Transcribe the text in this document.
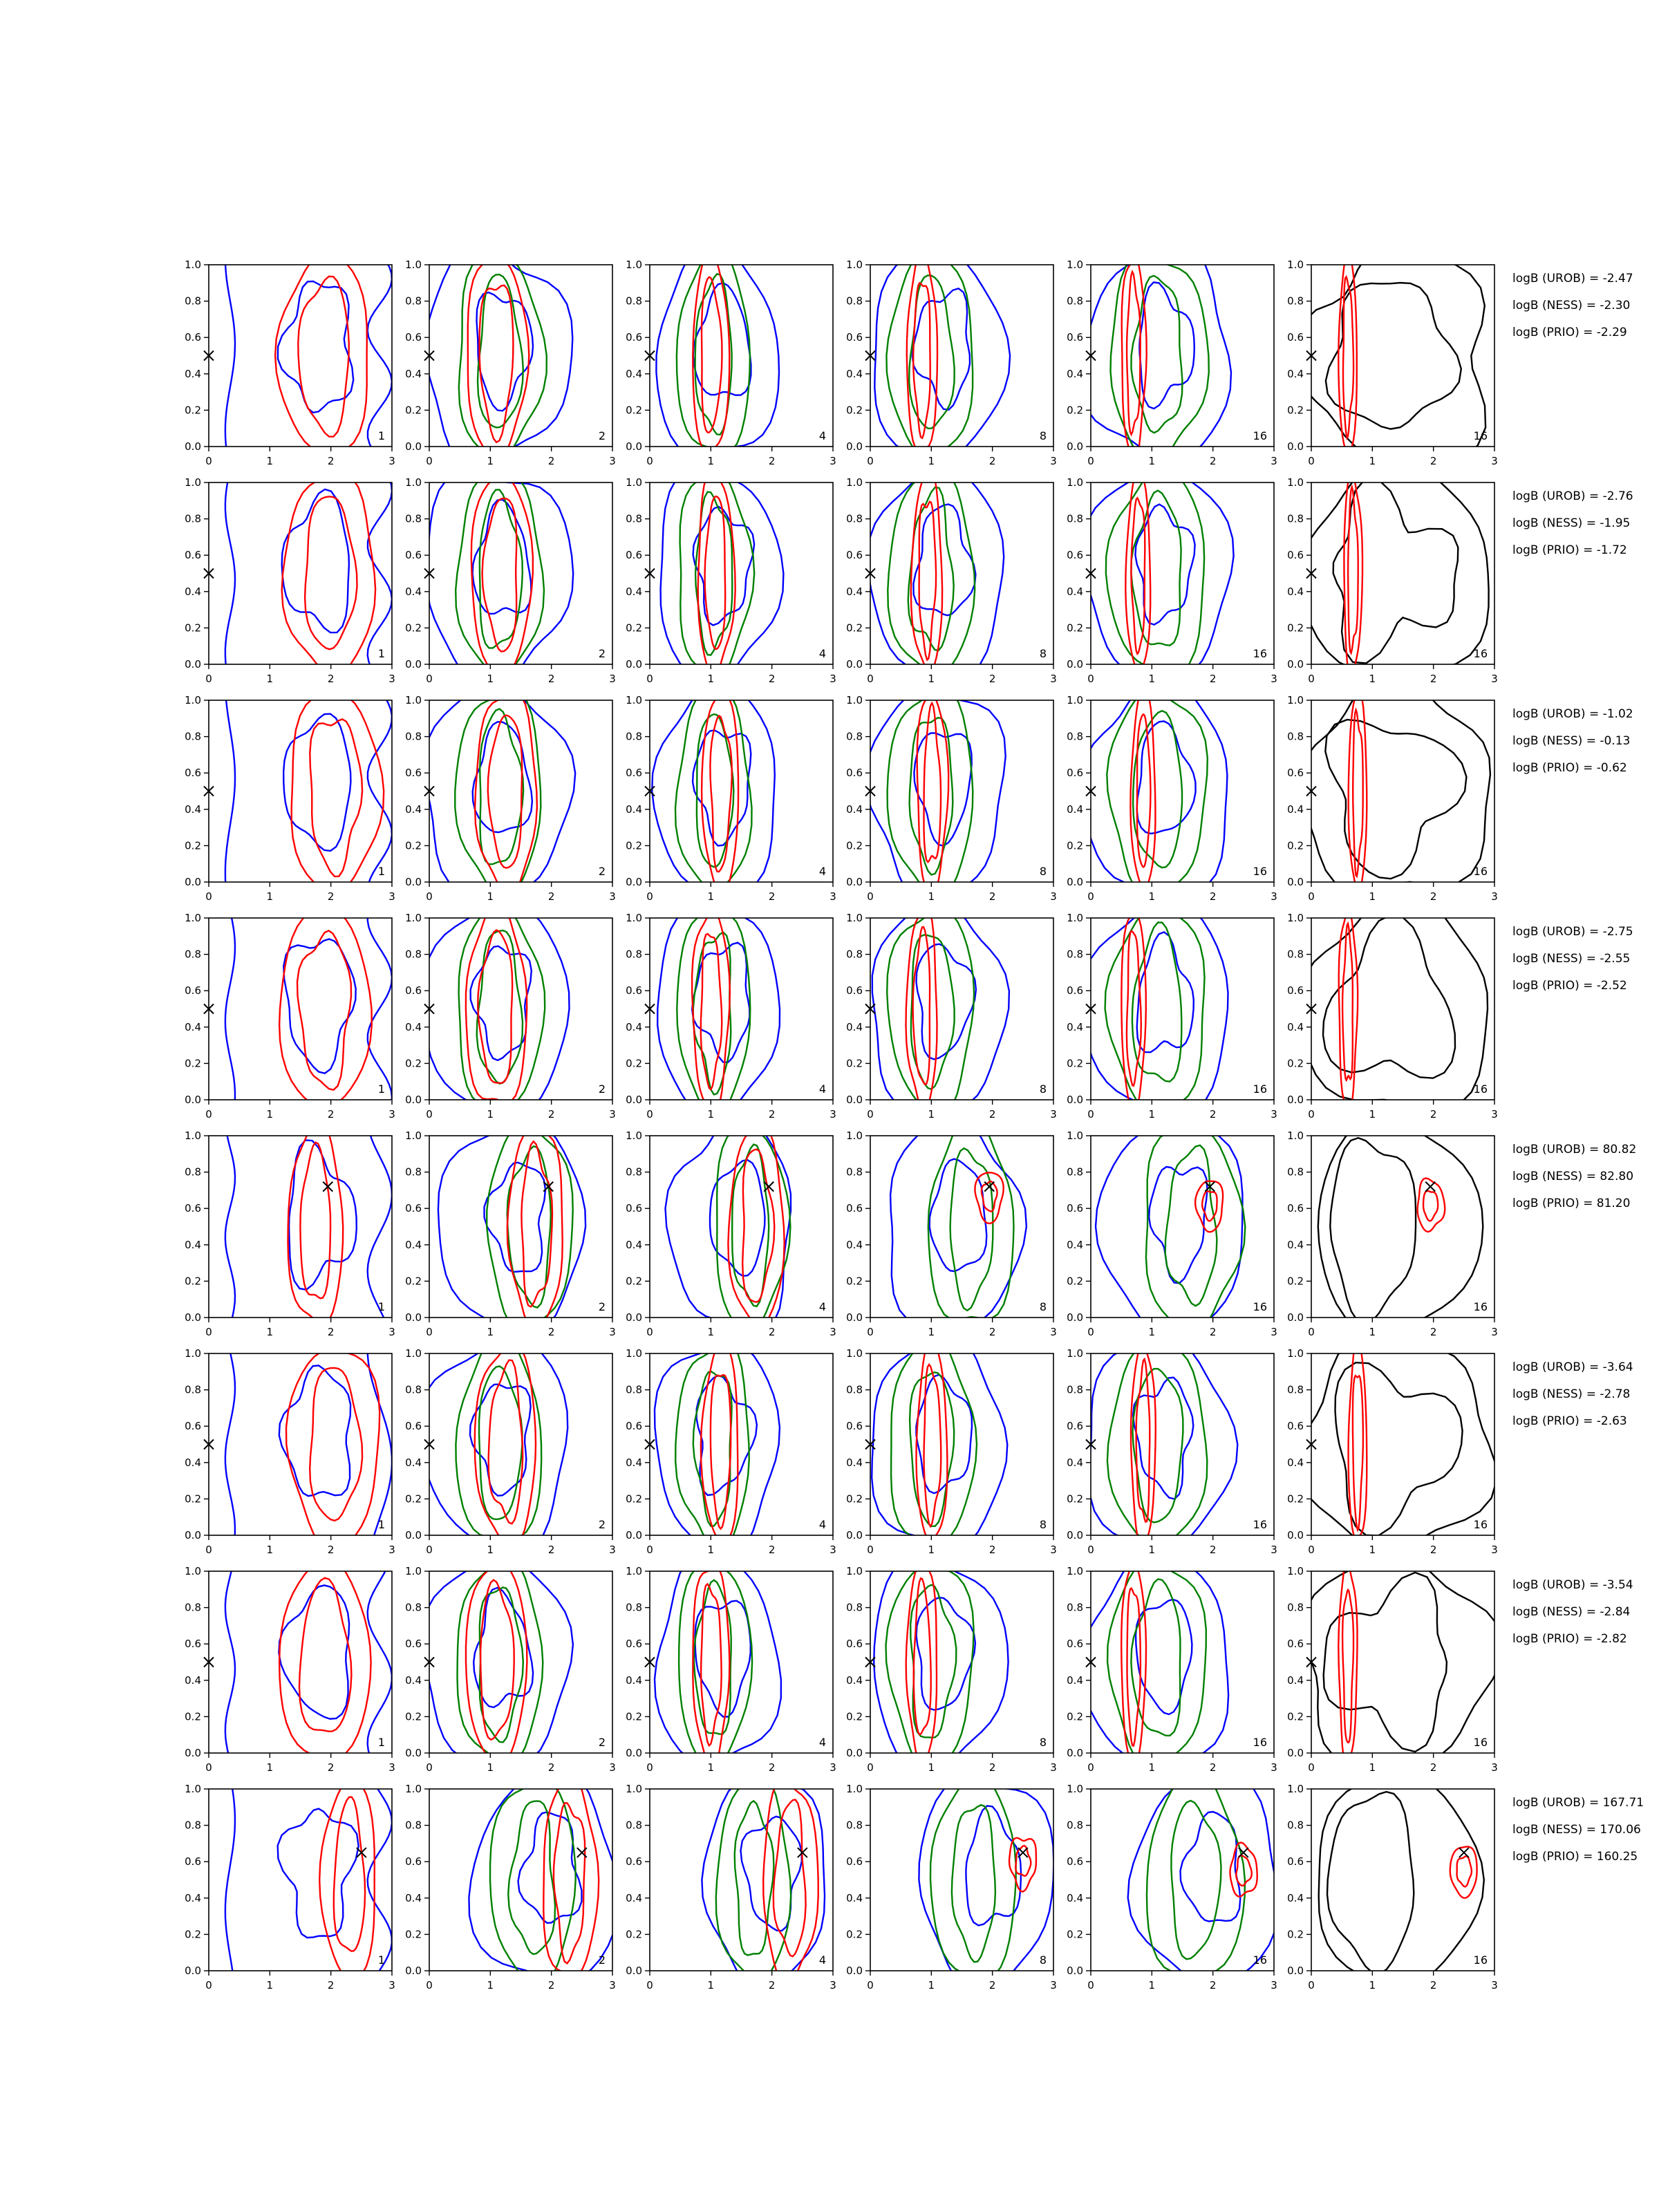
0	1	2	3
0.0
0.2
0.4
0.6
0.8
1.0
1
0	1	2	3
0.0
0.2
0.4
0.6
0.8
1.0
2
0	1	2	3
0.0
0.2
0.4
0.6
0.8
1.0
4
0	1	2	3
0.0
0.2
0.4
0.6
0.8
1.0
8
0	1	2	3
0.0
0.2
0.4
0.6
0.8
1.0
16
0	1	2	3
0.0
0.2
0.4
0.6
0.8
1.0
16
logB (UROB) = -2.47
logB (NESS) = -2.30
logB (PRIO) = -2.29
0	1	2	3
0.0
0.2
0.4
0.6
0.8
1.0
1
0	1	2	3
0.0
0.2
0.4
0.6
0.8
1.0
2
0	1	2	3
0.0
0.2
0.4
0.6
0.8
1.0
4
0	1	2	3
0.0
0.2
0.4
0.6
0.8
1.0
8
0	1	2	3
0.0
0.2
0.4
0.6
0.8
1.0
16
0	1	2	3
0.0
0.2
0.4
0.6
0.8
1.0
16
logB (UROB) = -2.76
logB (NESS) = -1.95
logB (PRIO) = -1.72
0	1	2	3
0.0
0.2
0.4
0.6
0.8
1.0
1
0	1	2	3
0.0
0.2
0.4
0.6
0.8
1.0
2
0	1	2	3
0.0
0.2
0.4
0.6
0.8
1.0
4
0	1	2	3
0.0
0.2
0.4
0.6
0.8
1.0
8
0	1	2	3
0.0
0.2
0.4
0.6
0.8
1.0
16
0	1	2	3
0.0
0.2
0.4
0.6
0.8
1.0
16
logB (UROB) = -1.02
logB (NESS) = -0.13
logB (PRIO) = -0.62
0	1	2	3
0.0
0.2
0.4
0.6
0.8
1.0
1
0	1	2	3
0.0
0.2
0.4
0.6
0.8
1.0
2
0	1	2	3
0.0
0.2
0.4
0.6
0.8
1.0
4
0	1	2	3
0.0
0.2
0.4
0.6
0.8
1.0
8
0	1	2	3
0.0
0.2
0.4
0.6
0.8
1.0
16
0	1	2	3
0.0
0.2
0.4
0.6
0.8
1.0
16
logB (UROB) = -2.75
logB (NESS) = -2.55
logB (PRIO) = -2.52
0	1	2	3
0.0
0.2
0.4
0.6
0.8
1.0
1
0	1	2	3
0.0
0.2
0.4
0.6
0.8
1.0
2
0	1	2	3
0.0
0.2
0.4
0.6
0.8
1.0
4
0	1	2	3
0.0
0.2
0.4
0.6
0.8
1.0
8
0	1	2	3
0.0
0.2
0.4
0.6
0.8
1.0
16
0	1	2	3
0.0
0.2
0.4
0.6
0.8
1.0
16
logB (UROB) = 80.82
logB (NESS) = 82.80
logB (PRIO) = 81.20
0	1	2	3
0.0
0.2
0.4
0.6
0.8
1.0
1
0	1	2	3
0.0
0.2
0.4
0.6
0.8
1.0
2
0	1	2	3
0.0
0.2
0.4
0.6
0.8
1.0
4
0	1	2	3
0.0
0.2
0.4
0.6
0.8
1.0
8
0	1	2	3
0.0
0.2
0.4
0.6
0.8
1.0
16
0	1	2	3
0.0
0.2
0.4
0.6
0.8
1.0
16
logB (UROB) = -3.64
logB (NESS) = -2.78
logB (PRIO) = -2.63
0	1	2	3
0.0
0.2
0.4
0.6
0.8
1.0
1
0	1	2	3
0.0
0.2
0.4
0.6
0.8
1.0
2
0	1	2	3
0.0
0.2
0.4
0.6
0.8
1.0
4
0	1	2	3
0.0
0.2
0.4
0.6
0.8
1.0
8
0	1	2	3
0.0
0.2
0.4
0.6
0.8
1.0
16
0	1	2	3
0.0
0.2
0.4
0.6
0.8
1.0
16
logB (UROB) = -3.54
logB (NESS) = -2.84
logB (PRIO) = -2.82
0	1	2	3
0.0
0.2
0.4
0.6
0.8
1.0
1
0	1	2	3
0.0
0.2
0.4
0.6
0.8
1.0
2
0	1	2	3
0.0
0.2
0.4
0.6
0.8
1.0
4
0	1	2	3
0.0
0.2
0.4
0.6
0.8
1.0
8
0	1	2	3
0.0
0.2
0.4
0.6
0.8
1.0
16
0	1	2	3
0.0
0.2
0.4
0.6
0.8
1.0
16
logB (UROB) = 167.71
logB (NESS) = 170.06
logB (PRIO) = 160.25
